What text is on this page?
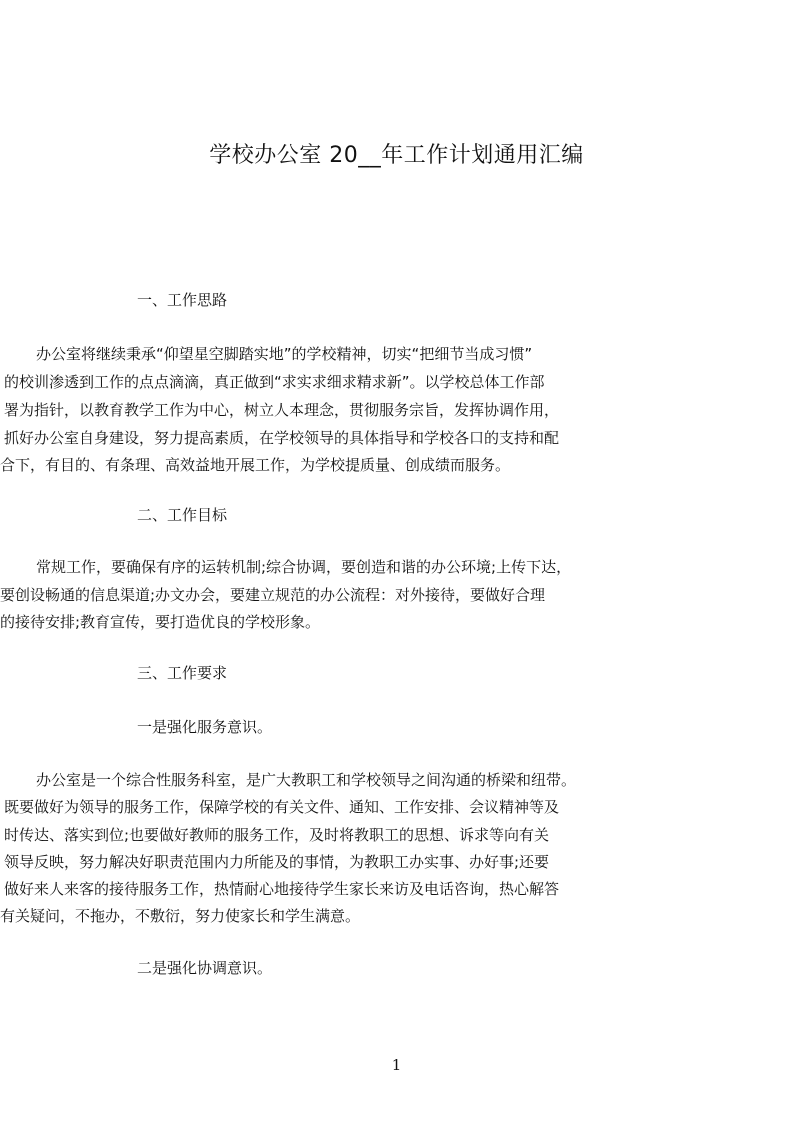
学校办公室 20__年工作计划通用汇编
一、工作思路
办公室将继续秉承“仰望星空脚踏实地”的学校精神，切实“把细节当成习惯”
的校训渗透到工作的点点滴滴，真正做到“求实求细求精求新”。以学校总体工作部
署为指针，以教育教学工作为中心，树立人本理念，贯彻服务宗旨，发挥协调作用，
抓好办公室自身建设，努力提高素质，在学校领导的具体指导和学校各口的支持和配
合下，有目的、有条理、高效益地开展工作，为学校提质量、创成绩而服务。
二、工作目标
常规工作，要确保有序的运转机制;综合协调，要创造和谐的办公环境;上传下达，
要创设畅通的信息渠道;办文办会，要建立规范的办公流程：对外接待，要做好合理
的接待安排;教育宣传，要打造优良的学校形象。
三、工作要求
一是强化服务意识。
办公室是一个综合性服务科室，是广大教职工和学校领导之间沟通的桥梁和纽带。
既要做好为领导的服务工作，保障学校的有关文件、通知、工作安排、会议精神等及
时传达、落实到位;也要做好教师的服务工作，及时将教职工的思想、诉求等向有关
领导反映，努力解决好职责范围内力所能及的事情，为教职工办实事、办好事;还要
做好来人来客的接待服务工作，热情耐心地接待学生家长来访及电话咨询，热心解答
有关疑问，不拖办，不敷衍，努力使家长和学生满意。
二是强化协调意识。
1
